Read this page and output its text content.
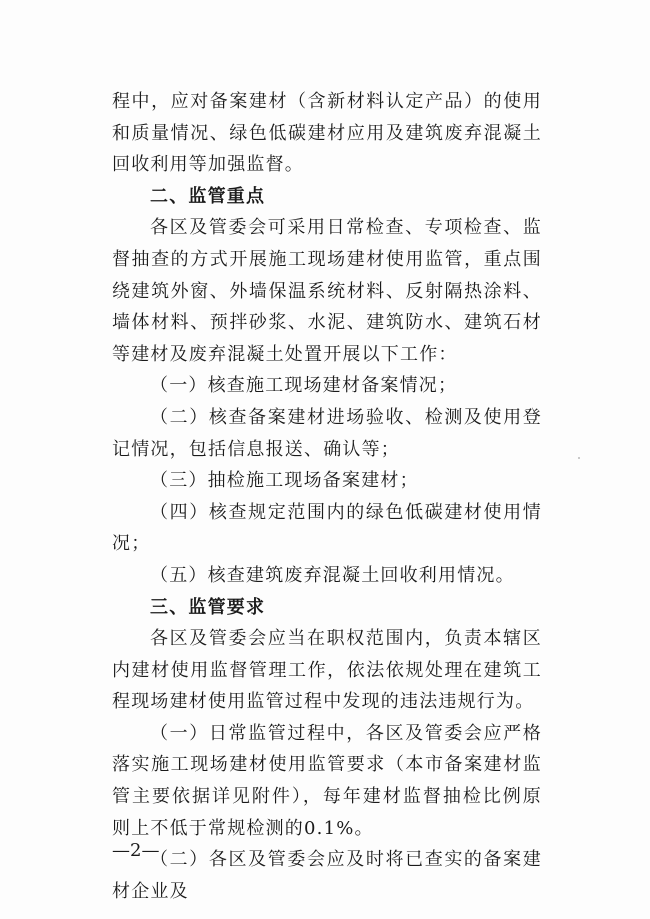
程中，应对备案建材（含新材料认定产品）的使用和质量情况、绿色低碳建材应用及建筑废弃混凝土回收利用等加强监督。

二、监管重点

各区及管委会可采用日常检查、专项检查、监督抽查的方式开展施工现场建材使用监管，重点围绕建筑外窗、外墙保温系统材料、反射隔热涂料、墙体材料、预拌砂浆、水泥、建筑防水、建筑石材等建材及废弃混凝土处置开展以下工作：

（一）核查施工现场建材备案情况；

（二）核查备案建材进场验收、检测及使用登记情况，包括信息报送、确认等；

（三）抽检施工现场备案建材；

（四）核查规定范围内的绿色低碳建材使用情况；

（五）核查建筑废弃混凝土回收利用情况。

三、监管要求

各区及管委会应当在职权范围内，负责本辖区内建材使用监督管理工作，依法依规处理在建筑工程现场建材使用监管过程中发现的违法违规行为。

（一）日常监管过程中，各区及管委会应严格落实施工现场建材使用监管要求（本市备案建材监管主要依据详见附件），每年建材监督抽检比例原则上不低于常规检测的0.1%。

（二）各区及管委会应及时将已查实的备案建材企业及

—2—
